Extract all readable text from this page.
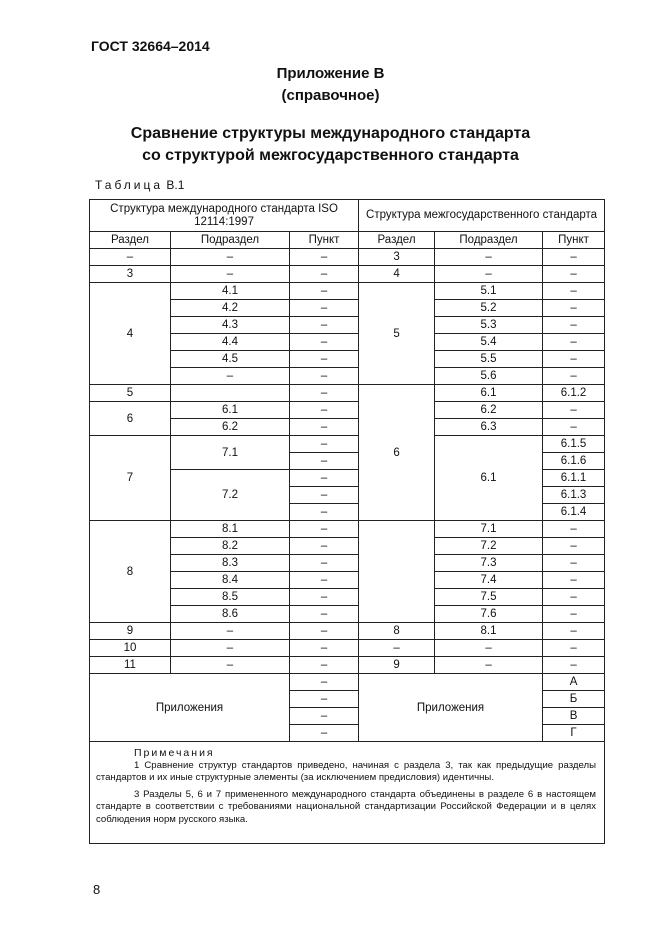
ГОСТ 32664–2014
Приложение В
(справочное)
Сравнение структуры международного стандарта
со структурой межгосударственного стандарта
Таблица В.1
Структура международного стандарта ISO 12114:1997			Структура межгосударственного стандарта		
Раздел	Подраздел	Пункт	Раздел	Подраздел	Пункт
–	–	–	3	–	–
3	–	–	4	–	–
4	4.1	–	5	5.1	–
	4.2	–		5.2	–
	4.3	–		5.3	–
	4.4	–		5.4	–
	4.5	–		5.5	–
	–	–		5.6	–
5		–	6	6.1	6.1.2
6	6.1	–		6.2	–
	6.2	–		6.3	–
7	7.1	–		6.1	6.1.5
		–			6.1.6
	7.2	–			6.1.1
		–			6.1.3
		–			6.1.4
8	8.1	–		7.1	–
	8.2	–		7.2	–
	8.3	–		7.3	–
	8.4	–		7.4	–
	8.5	–		7.5	–
	8.6	–		7.6	–
9	–	–	8	8.1	–
10	–	–	–	–	–
11	–	–	9	–	–
Приложения		–	Приложения		А
		–			Б
		–			В
		–			Г

Примечания
1 Сравнение структур стандартов приведено, начиная с раздела 3, так как предыдущие разделы стандартов и их иные структурные элементы (за исключением предисловия) идентичны.
3 Разделы 5, 6 и 7 примененного международного стандарта объединены в разделе 6 в настоящем стандарте в соответствии с требованиями национальной стандартизации Российской Федерации и в целях соблюдения норм русского языка.					
8
